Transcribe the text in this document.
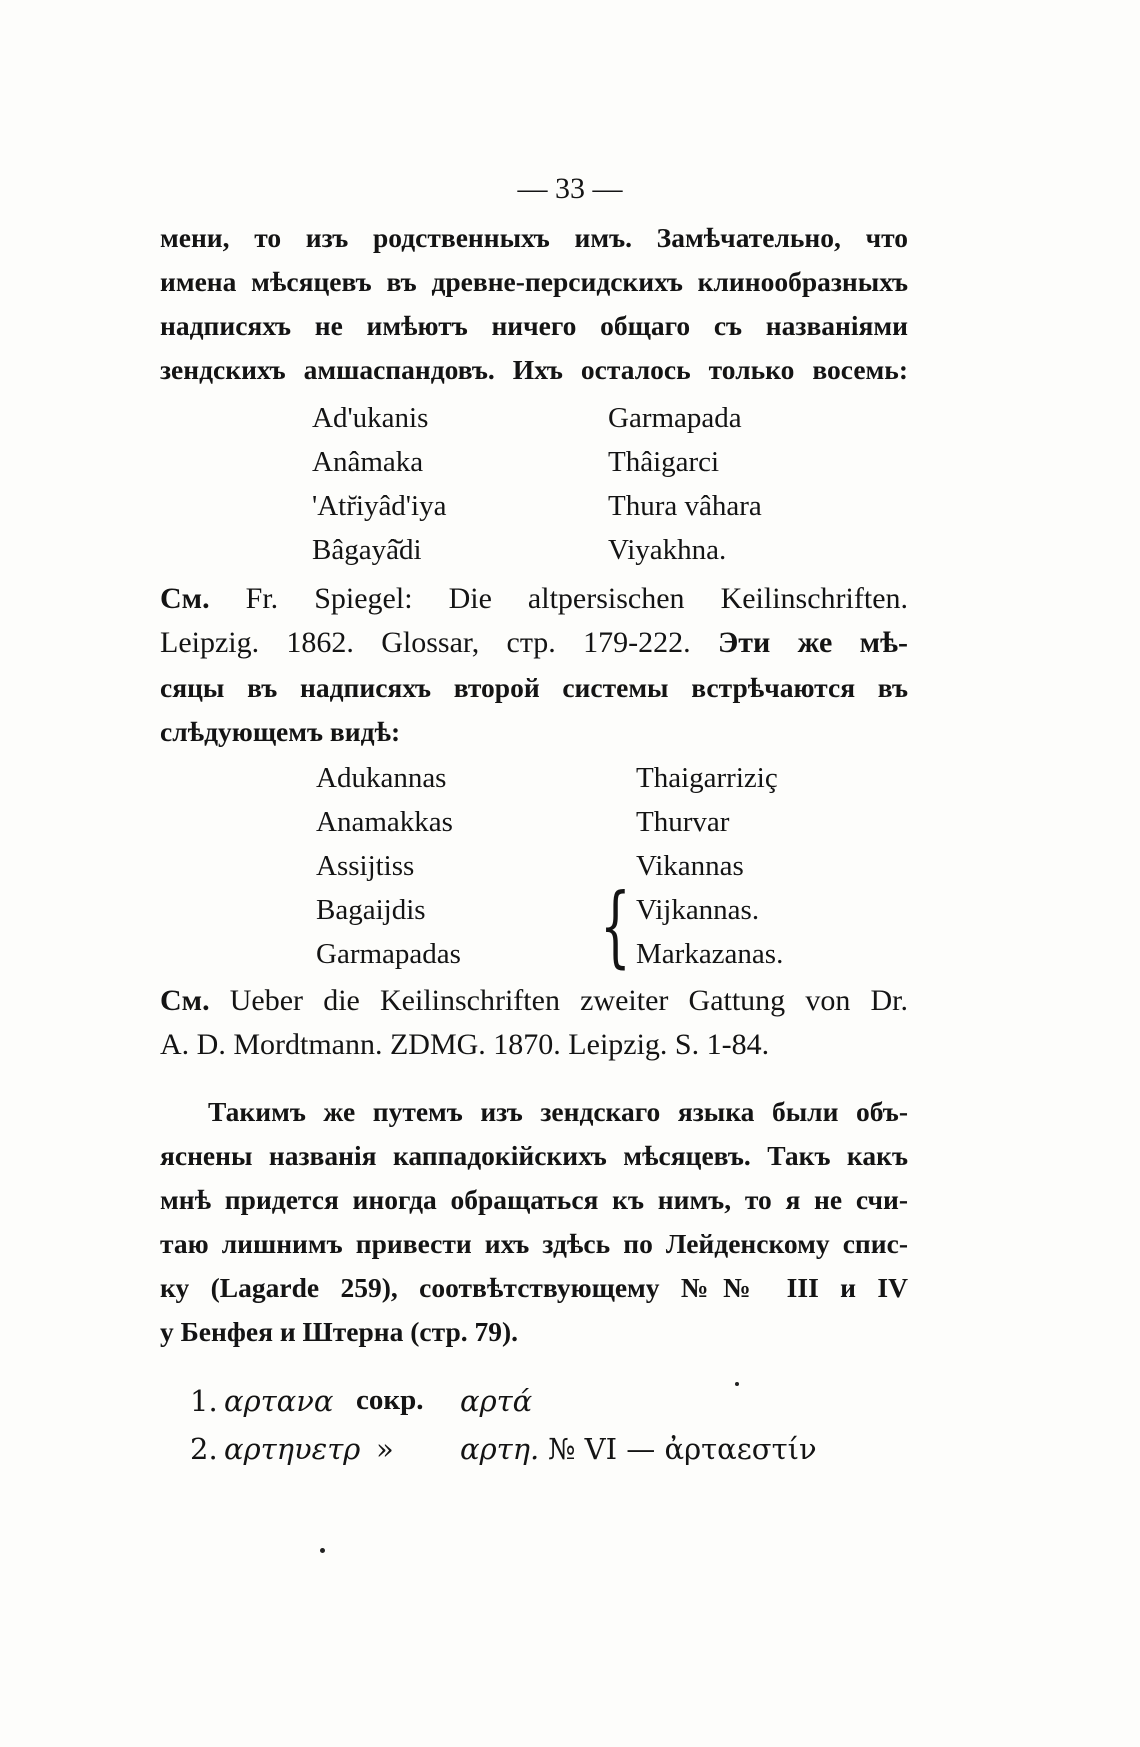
— 33 —
мени, то изъ родственныхъ имъ. Замѣчательно, что
имена мѣсяцевъ въ древне-персидскихъ клинообразныхъ
надписяхъ не имѣютъ ничего общаго съ названіями
зендскихъ амшаспандовъ. Ихъ осталось только восемь:
Ad'ukanis
Anâmaka
'Atr̆iyâd'iya
Bâgayâ̆di
Garmapada
Thâigarci
Thura vâhara
Viyakhna.
См. Fr. Spiegel: Die altpersischen Keilinschriften.
Leipzig. 1862. Glossar, стр. 179-222. Эти же мѣ-
сяцы въ надписяхъ второй системы встрѣчаются въ
слѣдующемъ видѣ:
Adukannas
Anamakkas
Assijtiss
Bagaijdis
Garmapadas
Thaigarriziç
Thurvar
{
Vikannas
Vijkannas.
Markazanas.
См. Ueber die Keilinschriften zweiter Gattung von Dr.
A. D. Mordtmann. ZDMG. 1870. Leipzig. S. 1-84.
Такимъ же путемъ изъ зендскаго языка были объ-
яснены названія каппадокійскихъ мѣсяцевъ. Такъ какъ
мнѣ придется иногда обращаться къ нимъ, то я не счи-
таю лишнимъ привести ихъ здѣсь по Лейденскому спис-
ку (Lagarde 259), соотвѣтствующему №№ III и IV
у Бенфея и Штерна (стр. 79).
1. αρτανα сокр. αρτά
2. αρτηυετρ » αρτη. № VI — ἀρταεστίν
